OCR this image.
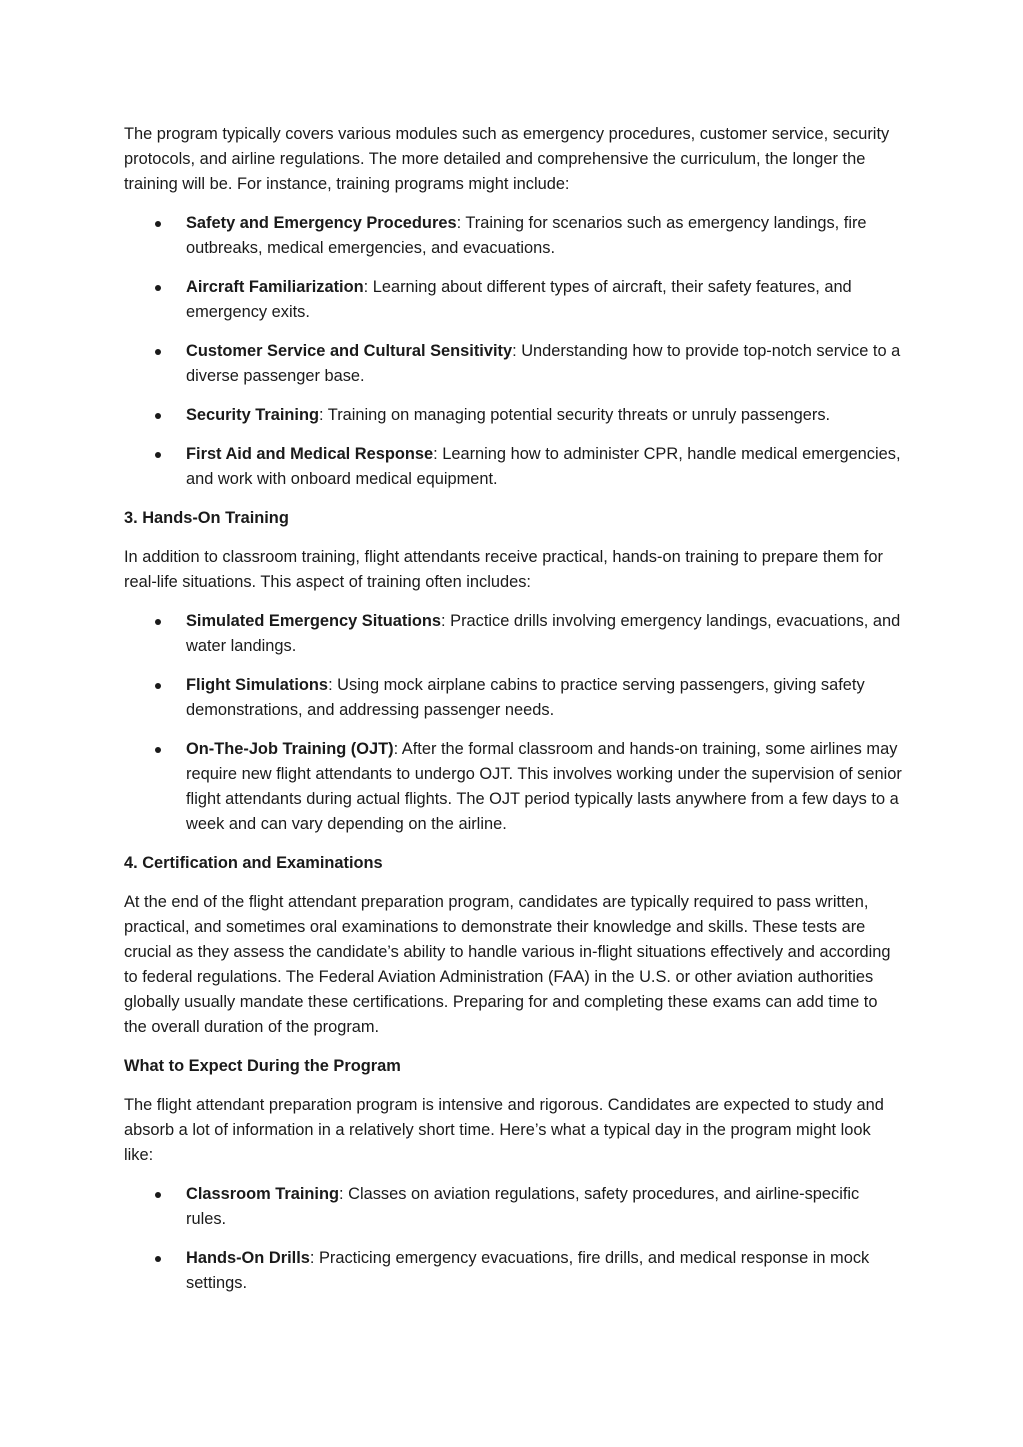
The program typically covers various modules such as emergency procedures, customer service, security protocols, and airline regulations. The more detailed and comprehensive the curriculum, the longer the training will be. For instance, training programs might include:

Safety and Emergency Procedures: Training for scenarios such as emergency landings, fire outbreaks, medical emergencies, and evacuations.
Aircraft Familiarization: Learning about different types of aircraft, their safety features, and emergency exits.
Customer Service and Cultural Sensitivity: Understanding how to provide top-notch service to a diverse passenger base.
Security Training: Training on managing potential security threats or unruly passengers.
First Aid and Medical Response: Learning how to administer CPR, handle medical emergencies, and work with onboard medical equipment.
3. Hands-On Training

In addition to classroom training, flight attendants receive practical, hands-on training to prepare them for real-life situations. This aspect of training often includes:

Simulated Emergency Situations: Practice drills involving emergency landings, evacuations, and water landings.
Flight Simulations: Using mock airplane cabins to practice serving passengers, giving safety demonstrations, and addressing passenger needs.
On-The-Job Training (OJT): After the formal classroom and hands-on training, some airlines may require new flight attendants to undergo OJT. This involves working under the supervision of senior flight attendants during actual flights. The OJT period typically lasts anywhere from a few days to a week and can vary depending on the airline.
4. Certification and Examinations

At the end of the flight attendant preparation program, candidates are typically required to pass written, practical, and sometimes oral examinations to demonstrate their knowledge and skills. These tests are crucial as they assess the candidate’s ability to handle various in-flight situations effectively and according to federal regulations. The Federal Aviation Administration (FAA) in the U.S. or other aviation authorities globally usually mandate these certifications. Preparing for and completing these exams can add time to the overall duration of the program.

What to Expect During the Program

The flight attendant preparation program is intensive and rigorous. Candidates are expected to study and absorb a lot of information in a relatively short time. Here’s what a typical day in the program might look like:

Classroom Training: Classes on aviation regulations, safety procedures, and airline-specific rules.
Hands-On Drills: Practicing emergency evacuations, fire drills, and medical response in mock settings.
